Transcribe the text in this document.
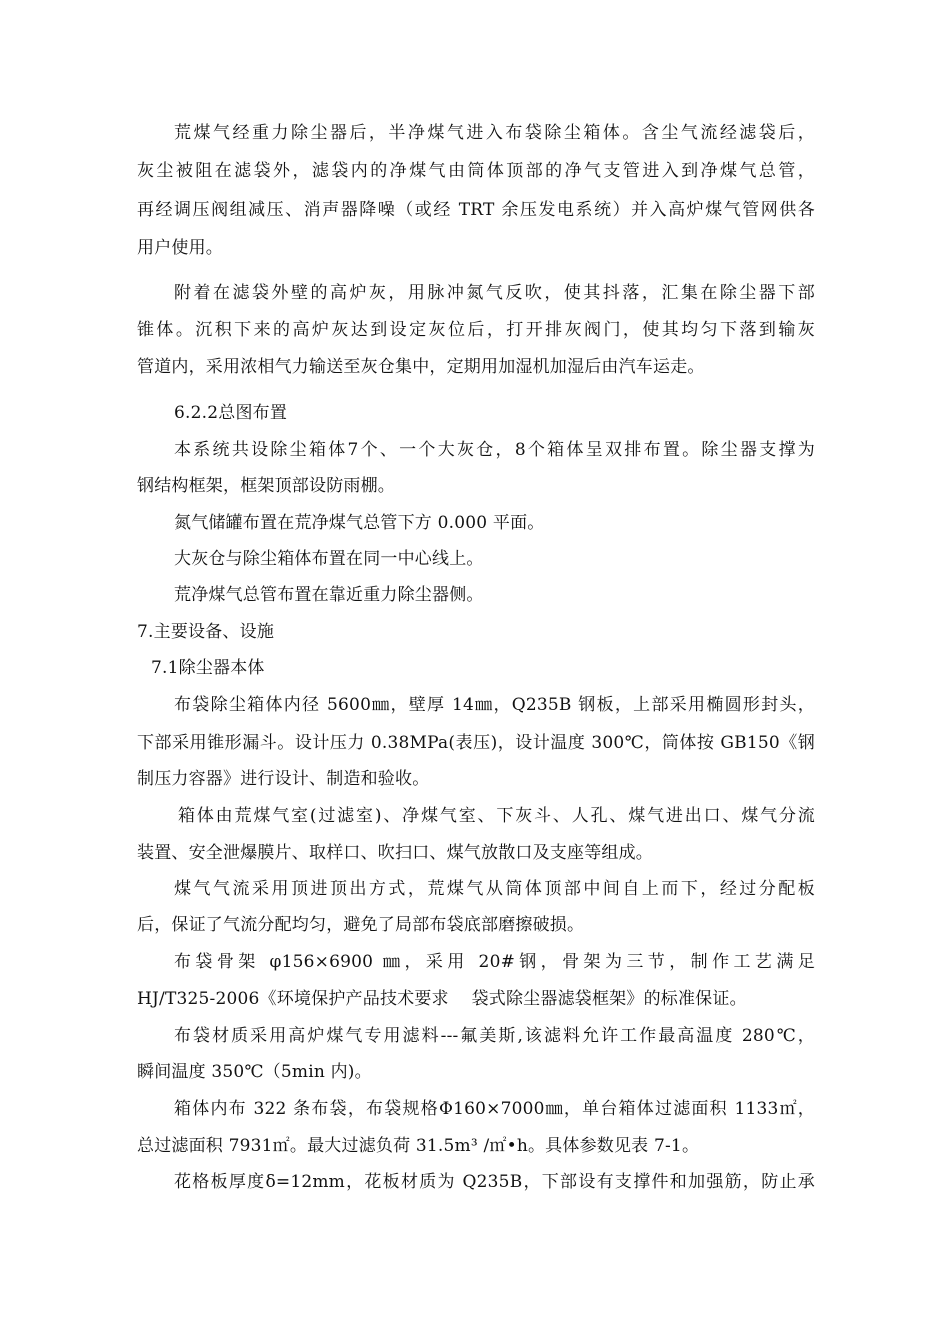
荒煤气经重力除尘器后，半净煤气进入布袋除尘箱体。含尘气流经滤袋后，
灰尘被阻在滤袋外，滤袋内的净煤气由筒体顶部的净气支管进入到净煤气总管，
再经调压阀组减压、消声器降噪（或经 TRT 余压发电系统）并入高炉煤气管网供各
用户使用。
附着在滤袋外壁的高炉灰，用脉冲氮气反吹，使其抖落，汇集在除尘器下部
锥体。沉积下来的高炉灰达到设定灰位后，打开排灰阀门，使其均匀下落到输灰
管道内，采用浓相气力输送至灰仓集中，定期用加湿机加湿后由汽车运走。
6.2.2总图布置
本系统共设除尘箱体7个、一个大灰仓，8个箱体呈双排布置。除尘器支撑为
钢结构框架，框架顶部设防雨棚。
氮气储罐布置在荒净煤气总管下方 0.000 平面。
大灰仓与除尘箱体布置在同一中心线上。
荒净煤气总管布置在靠近重力除尘器侧。
7.主要设备、设施
7.1除尘器本体
布袋除尘箱体内径 5600㎜，壁厚 14㎜，Q235B 钢板，上部采用椭圆形封头，
下部采用锥形漏斗。设计压力 0.38MPa(表压)，设计温度 300℃，筒体按 GB150《钢
制压力容器》进行设计、制造和验收。
箱体由荒煤气室(过滤室)、净煤气室、下灰斗、人孔、煤气进出口、煤气分流
装置、安全泄爆膜片、取样口、吹扫口、煤气放散口及支座等组成。
煤气气流采用顶进顶出方式，荒煤气从筒体顶部中间自上而下，经过分配板
后，保证了气流分配均匀，避免了局部布袋底部磨擦破损。
布袋骨架 φ156×6900 ㎜，采用 20#钢，骨架为三节，制作工艺满足
HJ/T325-2006《环境保护产品技术要求　 袋式除尘器滤袋框架》的标准保证。
布袋材质采用高炉煤气专用滤料---氟美斯,该滤料允许工作最高温度 280℃，
瞬间温度 350℃（5min 内)。
箱体内布 322 条布袋，布袋规格Φ160×7000㎜，单台箱体过滤面积 1133㎡，
总过滤面积 7931㎡。最大过滤负荷 31.5m³ /㎡•h。具体参数见表 7-1。
花格板厚度δ=12mm，花板材质为 Q235B，下部设有支撑件和加强筋，防止承
